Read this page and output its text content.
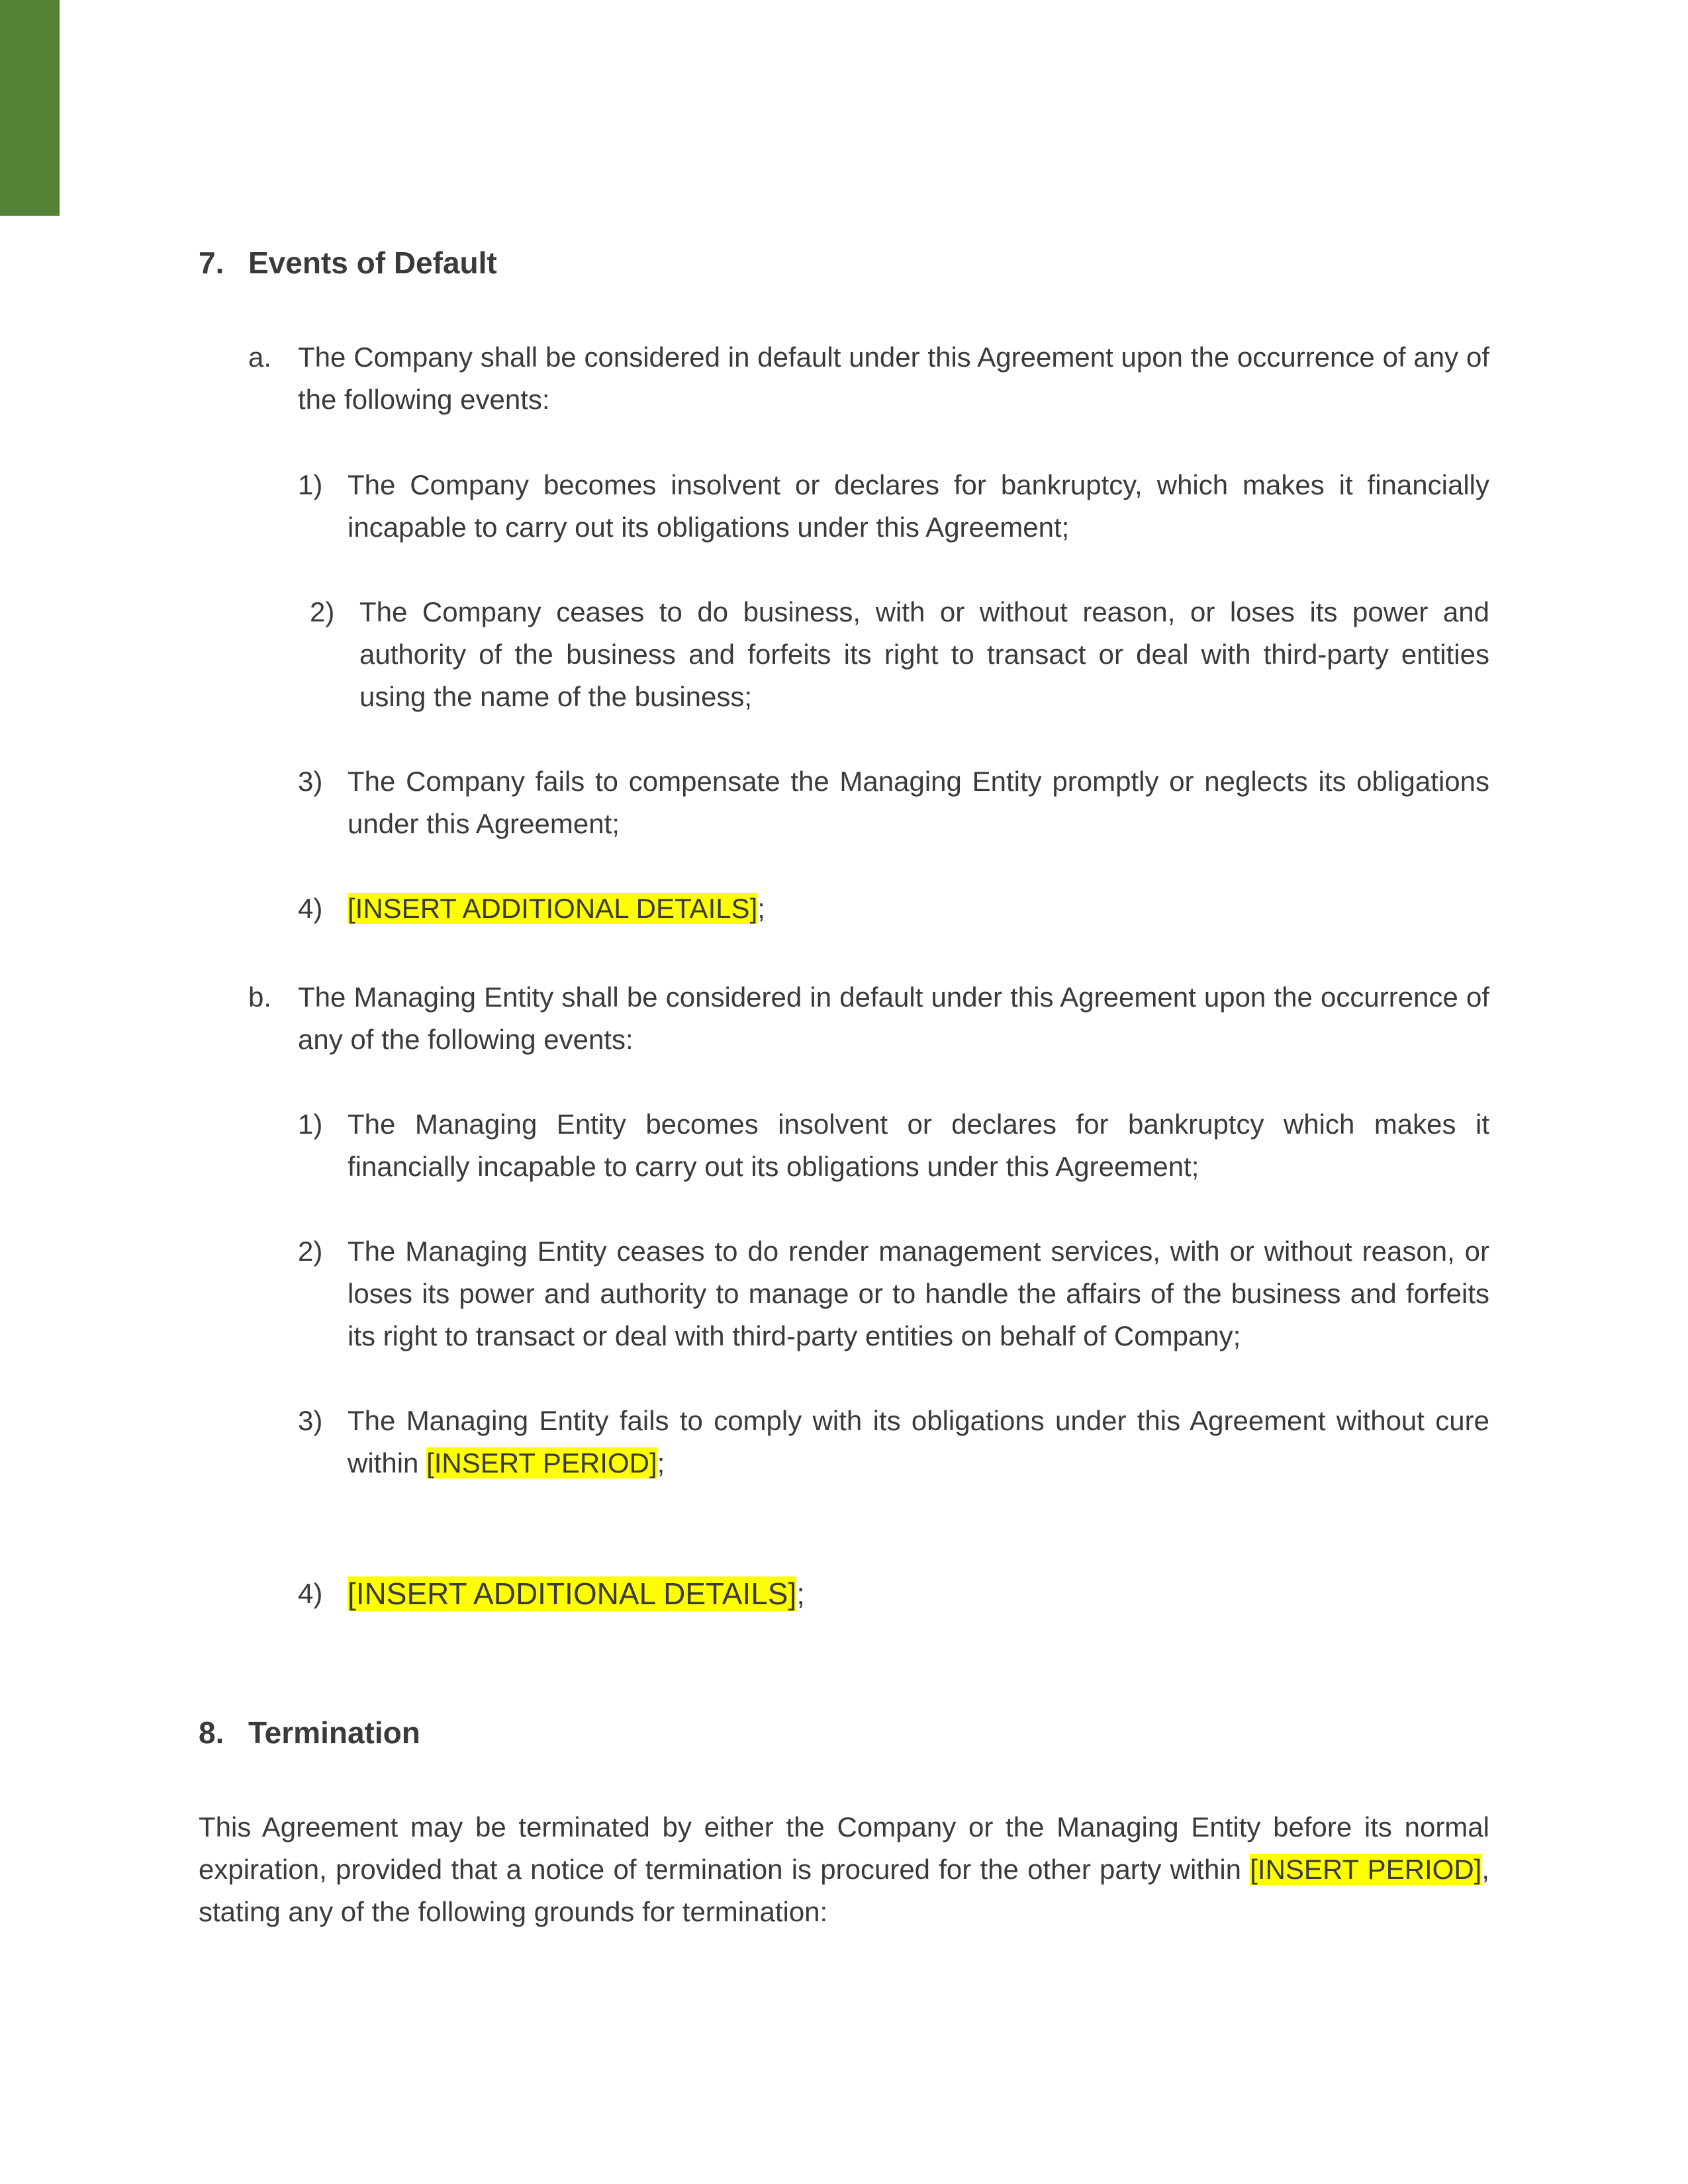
7. Events of Default
a. The Company shall be considered in default under this Agreement upon the occurrence of any of the following events:
1) The Company becomes insolvent or declares for bankruptcy, which makes it financially incapable to carry out its obligations under this Agreement;
2) The Company ceases to do business, with or without reason, or loses its power and authority of the business and forfeits its right to transact or deal with third-party entities using the name of the business;
3) The Company fails to compensate the Managing Entity promptly or neglects its obligations under this Agreement;
4) [INSERT ADDITIONAL DETAILS];
b. The Managing Entity shall be considered in default under this Agreement upon the occurrence of any of the following events:
1) The Managing Entity becomes insolvent or declares for bankruptcy which makes it financially incapable to carry out its obligations under this Agreement;
2) The Managing Entity ceases to do render management services, with or without reason, or loses its power and authority to manage or to handle the affairs of the business and forfeits its right to transact or deal with third-party entities on behalf of Company;
3) The Managing Entity fails to comply with its obligations under this Agreement without cure within [INSERT PERIOD];
4) [INSERT ADDITIONAL DETAILS];
8. Termination
This Agreement may be terminated by either the Company or the Managing Entity before its normal expiration, provided that a notice of termination is procured for the other party within [INSERT PERIOD], stating any of the following grounds for termination:
